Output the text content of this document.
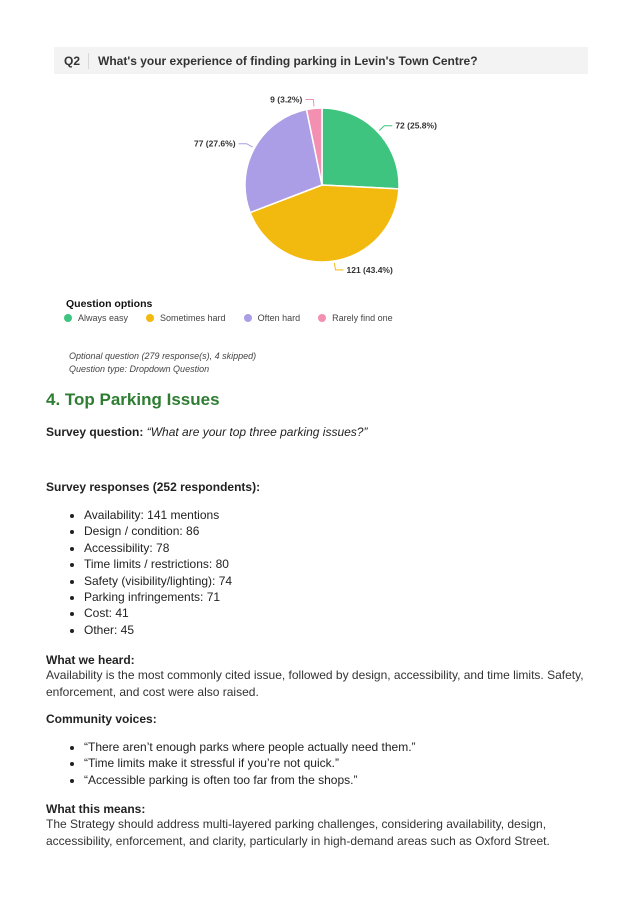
Q2	What's your experience of finding parking in Levin's Town Centre?
72 (25.8%)
121 (43.4%)
77 (27.6%)
9 (3.2%)
Question options
Always easy	Sometimes hard	Often hard	Rarely find one
Optional question (279 response(s), 4 skipped)
Question type: Dropdown Question
4. Top Parking Issues
Survey question: “What are your top three parking issues?”
Survey responses (252 respondents):
• Availability: 141 mentions
• Design / condition: 86
• Accessibility: 78
• Time limits / restrictions: 80
• Safety (visibility/lighting): 74
• Parking infringements: 71
• Cost: 41
• Other: 45
What we heard:
Availability is the most commonly cited issue, followed by design, accessibility, and time limits. Safety, enforcement, and cost were also raised.
Community voices:
• “There aren’t enough parks where people actually need them.”
• “Time limits make it stressful if you’re not quick.”
• “Accessible parking is often too far from the shops.”
What this means:
The Strategy should address multi-layered parking challenges, considering availability, design, accessibility, enforcement, and clarity, particularly in high-demand areas such as Oxford Street.
